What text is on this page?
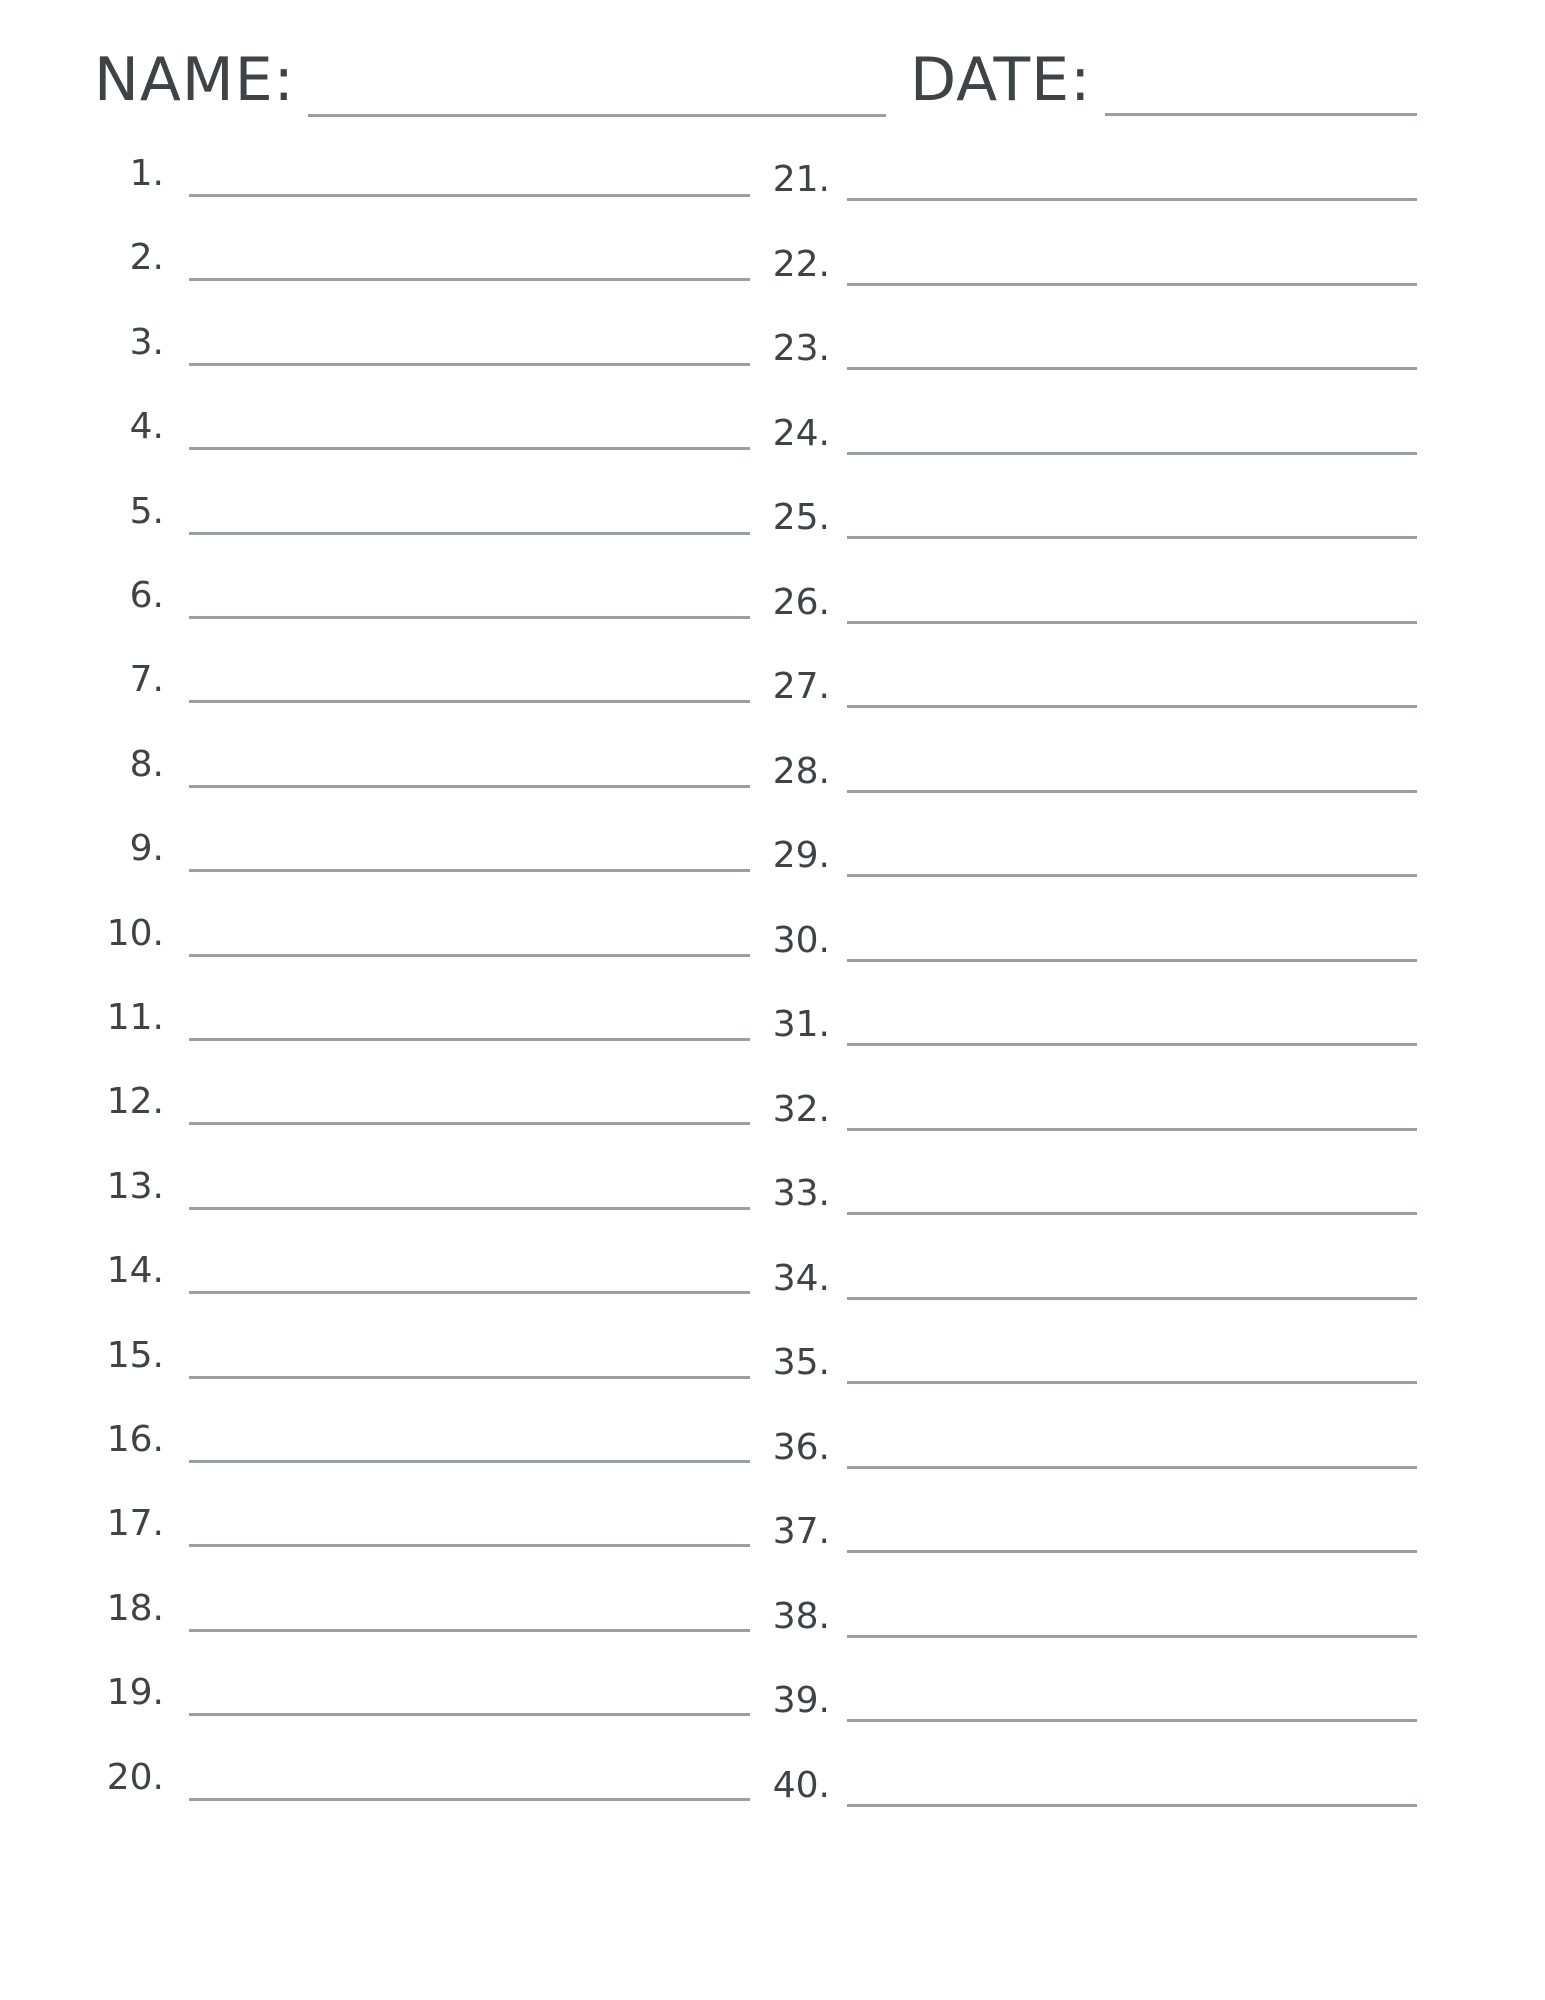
NAME:	DATE:
1.	21.
2.	22.
3.	23.
4.	24.
5.	25.
6.	26.
7.	27.
8.	28.
9.	29.
10.	30.
11.	31.
12.	32.
13.	33.
14.	34.
15.	35.
16.	36.
17.	37.
18.	38.
19.	39.
20.	40.
